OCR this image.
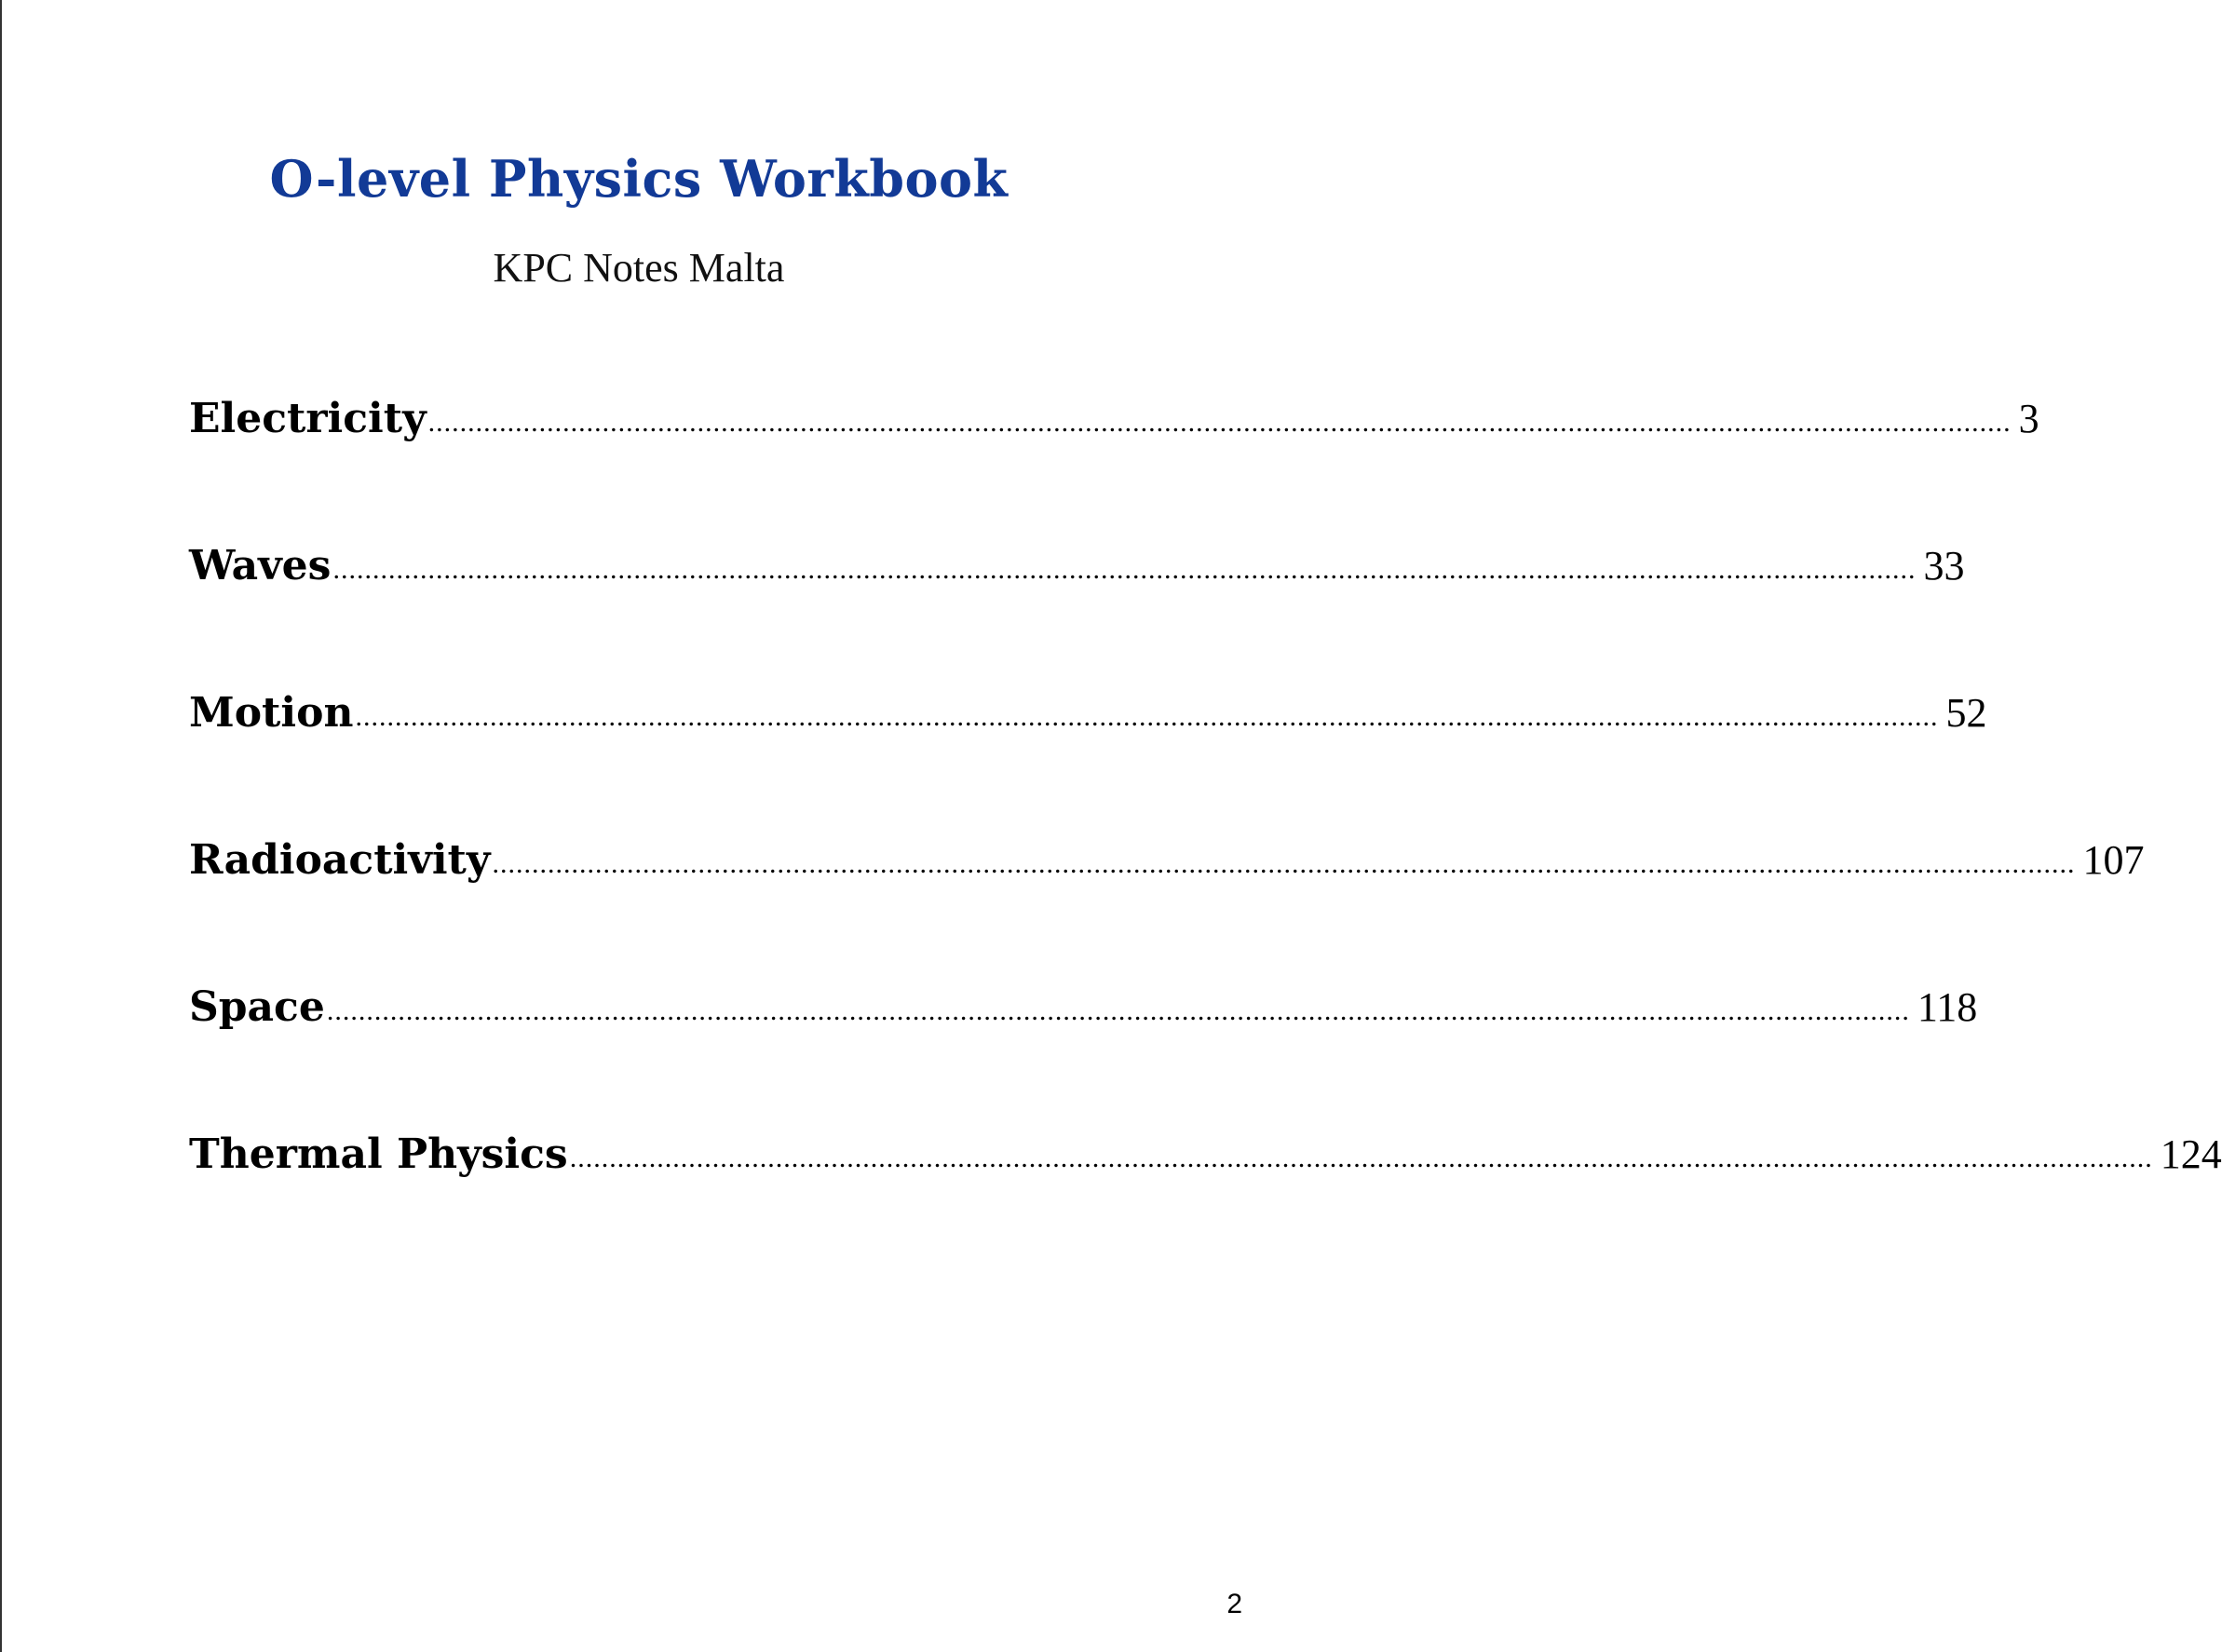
O-level Physics Workbook
KPC Notes Malta
Electricity ........................................................................................................................................................................................................ 3
Waves ........................................................................................................................................................................................................ 33
Motion ........................................................................................................................................................................................................ 52
Radioactivity ........................................................................................................................................................................................................ 107
Space ........................................................................................................................................................................................................ 118
Thermal Physics ........................................................................................................................................................................................................ 124
2
